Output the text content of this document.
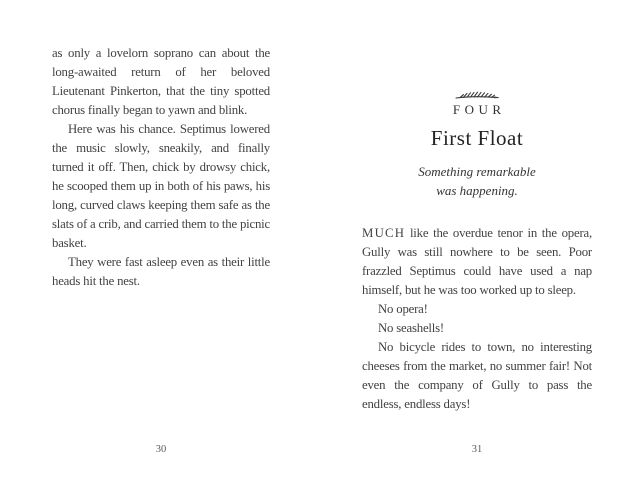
as only a lovelorn soprano can about the long-awaited return of her beloved Lieutenant Pinkerton, that the tiny spotted chorus finally began to yawn and blink.

Here was his chance. Septimus lowered the music slowly, sneakily, and finally turned it off. Then, chick by drowsy chick, he scooped them up in both of his paws, his long, curved claws keeping them safe as the slats of a crib, and carried them to the picnic basket.

They were fast asleep even as their little heads hit the nest.

30
FOUR
First Float
Something remarkable
was happening.

MUCH like the overdue tenor in the opera, Gully was still nowhere to be seen. Poor frazzled Septimus could have used a nap himself, but he was too worked up to sleep.

No opera!

No seashells!

No bicycle rides to town, no interesting cheeses from the market, no summer fair! Not even the company of Gully to pass the endless, endless days!

31
